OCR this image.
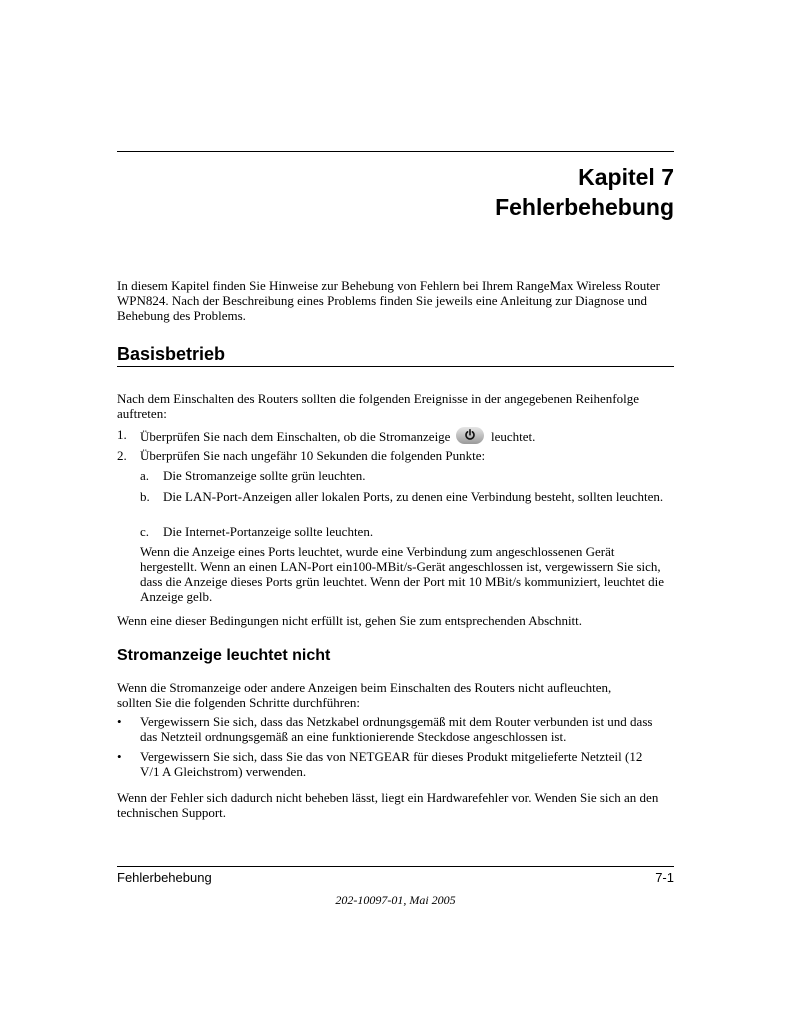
Kapitel 7
Fehlerbehebung
In diesem Kapitel finden Sie Hinweise zur Behebung von Fehlern bei Ihrem RangeMax Wireless Router WPN824. Nach der Beschreibung eines Problems finden Sie jeweils eine Anleitung zur Diagnose und Behebung des Problems.
Basisbetrieb
Nach dem Einschalten des Routers sollten die folgenden Ereignisse in der angegebenen Reihenfolge auftreten:
1. Überprüfen Sie nach dem Einschalten, ob die Stromanzeige	leuchtet.
2. Überprüfen Sie nach ungefähr 10 Sekunden die folgenden Punkte:
a. Die Stromanzeige sollte grün leuchten.
b. Die LAN-Port-Anzeigen aller lokalen Ports, zu denen eine Verbindung besteht, sollten leuchten.
c. Die Internet-Portanzeige sollte leuchten.
Wenn die Anzeige eines Ports leuchtet, wurde eine Verbindung zum angeschlossenen Gerät hergestellt. Wenn an einen LAN-Port ein100-MBit/s-Gerät angeschlossen ist, vergewissern Sie sich, dass die Anzeige dieses Ports grün leuchtet. Wenn der Port mit 10 MBit/s kommuniziert, leuchtet die Anzeige gelb.
Wenn eine dieser Bedingungen nicht erfüllt ist, gehen Sie zum entsprechenden Abschnitt.
Stromanzeige leuchtet nicht
Wenn die Stromanzeige oder andere Anzeigen beim Einschalten des Routers nicht aufleuchten, sollten Sie die folgenden Schritte durchführen:
• Vergewissern Sie sich, dass das Netzkabel ordnungsgemäß mit dem Router verbunden ist und dass das Netzteil ordnungsgemäß an eine funktionierende Steckdose angeschlossen ist.
• Vergewissern Sie sich, dass Sie das von NETGEAR für dieses Produkt mitgelieferte Netzteil (12 V/1 A Gleichstrom) verwenden.
Wenn der Fehler sich dadurch nicht beheben lässt, liegt ein Hardwarefehler vor. Wenden Sie sich an den technischen Support.
Fehlerbehebung	7-1
202-10097-01, Mai 2005
